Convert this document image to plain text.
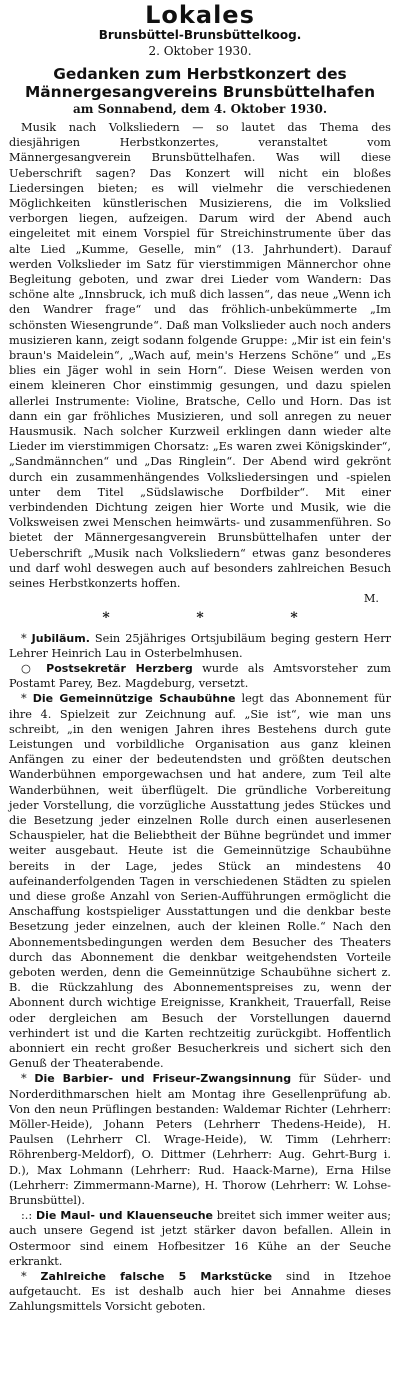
Lokales
Brunsbüttel-Brunsbüttelkoog.
2. Oktober 1930.
Gedanken zum Herbstkonzert des
Männergesangvereins Brunsbüttelhafen
am Sonnabend, dem 4. Oktober 1930.

Musik nach Volksliedern — so lautet das Thema des diesjährigen Herbstkonzertes, veranstaltet vom Männergesangverein Brunsbüttelhafen. Was will diese Ueberschrift sagen? Das Konzert will nicht ein bloßes Liedersingen bieten; es will vielmehr die verschiedenen Möglichkeiten künstlerischen Musizierens, die im Volkslied verborgen liegen, aufzeigen. Darum wird der Abend auch eingeleitet mit einem Vorspiel für Streichinstrumente über das alte Lied „Kumme, Geselle, min“ (13. Jahrhundert). Darauf werden Volkslieder im Satz für vierstimmigen Männerchor ohne Begleitung geboten, und zwar drei Lieder vom Wandern: Das schöne alte „Innsbruck, ich muß dich lassen“, das neue „Wenn ich den Wandrer frage“ und das fröhlich-unbekümmerte „Im schönsten Wiesengrunde“. Daß man Volkslieder auch noch anders musizieren kann, zeigt sodann folgende Gruppe: „Mir ist ein fein's braun's Maidelein“, „Wach auf, mein's Herzens Schöne“ und „Es blies ein Jäger wohl in sein Horn“. Diese Weisen werden von einem kleineren Chor einstimmig gesungen, und dazu spielen allerlei Instrumente: Violine, Bratsche, Cello und Horn. Das ist dann ein gar fröhliches Musizieren, und soll anregen zu neuer Hausmusik. Nach solcher Kurzweil erklingen dann wieder alte Lieder im vierstimmigen Chorsatz: „Es waren zwei Königskinder“, „Sandmännchen“ und „Das Ringlein“. Der Abend wird gekrönt durch ein zusammenhängendes Volksliedersingen und -spielen unter dem Titel „Südslawische Dorfbilder“. Mit einer verbindenden Dichtung zeigen hier Worte und Musik, wie die Volksweisen zwei Menschen heimwärts- und zusammenführen. So bietet der Männergesangverein Brunsbüttelhafen unter der Ueberschrift „Musik nach Volksliedern“ etwas ganz besonderes und darf wohl deswegen auch auf besonders zahlreichen Besuch seines Herbstkonzerts hoffen.

M.
*	*	*

* Jubiläum. Sein 25jähriges Ortsjubiläum beging gestern Herr Lehrer Heinrich Lau in Osterbelmhusen.

○ Postsekretär Herzberg wurde als Amtsvorsteher zum Postamt Parey, Bez. Magdeburg, versetzt.

* Die Gemeinnützige Schaubühne legt das Abonnement für ihre 4. Spielzeit zur Zeichnung auf. „Sie ist“, wie man uns schreibt, „in den wenigen Jahren ihres Bestehens durch gute Leistungen und vorbildliche Organisation aus ganz kleinen Anfängen zu einer der bedeutendsten und größten deutschen Wanderbühnen emporgewachsen und hat andere, zum Teil alte Wanderbühnen, weit überflügelt. Die gründliche Vorbereitung jeder Vorstellung, die vorzügliche Ausstattung jedes Stückes und die Besetzung jeder einzelnen Rolle durch einen auserlesenen Schauspieler, hat die Beliebtheit der Bühne begründet und immer weiter ausgebaut. Heute ist die Gemeinnützige Schaubühne bereits in der Lage, jedes Stück an mindestens 40 aufeinanderfolgenden Tagen in verschiedenen Städten zu spielen und diese große Anzahl von Serien-Aufführungen ermöglicht die Anschaffung kostspieliger Ausstattungen und die denkbar beste Besetzung jeder einzelnen, auch der kleinen Rolle.“ Nach den Abonnementsbedingungen werden dem Besucher des Theaters durch das Abonnement die denkbar weitgehendsten Vorteile geboten werden, denn die Gemeinnützige Schaubühne sichert z. B. die Rückzahlung des Abonnementspreises zu, wenn der Abonnent durch wichtige Ereignisse, Krankheit, Trauerfall, Reise oder dergleichen am Besuch der Vorstellungen dauernd verhindert ist und die Karten rechtzeitig zurückgibt. Hoffentlich abonniert ein recht großer Besucherkreis und sichert sich den Genuß der Theaterabende.

* Die Barbier- und Friseur-Zwangsinnung für Süder- und Norderdithmarschen hielt am Montag ihre Gesellenprüfung ab. Von den neun Prüflingen bestanden: Waldemar Richter (Lehrherr: Möller-Heide), Johann Peters (Lehrherr Thedens-Heide), H. Paulsen (Lehrherr Cl. Wrage-Heide), W. Timm (Lehrherr: Röhrenberg-Meldorf), O. Dittmer (Lehrherr: Aug. Gehrt-Burg i. D.), Max Lohmann (Lehrherr: Rud. Haack-Marne), Erna Hilse (Lehrherr: Zimmermann-Marne), H. Thorow (Lehrherr: W. Lohse-Brunsbüttel).

:.: Die Maul- und Klauenseuche breitet sich immer weiter aus; auch unsere Gegend ist jetzt stärker davon befallen. Allein in Ostermoor sind einem Hofbesitzer 16 Kühe an der Seuche erkrankt.

* Zahlreiche falsche 5 Markstücke sind in Itzehoe aufgetaucht. Es ist deshalb auch hier bei Annahme dieses Zahlungsmittels Vorsicht geboten.
